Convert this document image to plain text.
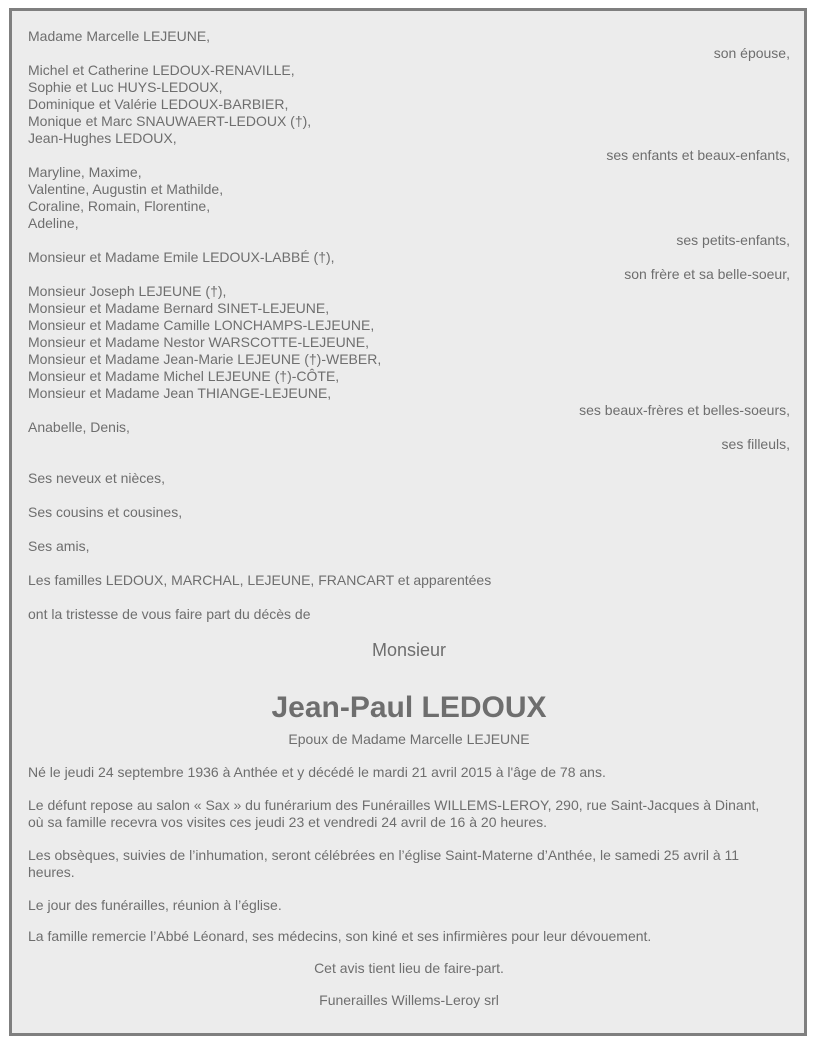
Madame Marcelle LEJEUNE,
son épouse,
Michel et Catherine LEDOUX-RENAVILLE,
Sophie et Luc HUYS-LEDOUX,
Dominique et Valérie LEDOUX-BARBIER,
Monique et Marc SNAUWAERT-LEDOUX (†),
Jean-Hughes LEDOUX,
ses enfants et beaux-enfants,
Maryline, Maxime,
Valentine, Augustin et Mathilde,
Coraline, Romain, Florentine,
Adeline,
ses petits-enfants,
Monsieur et Madame Emile LEDOUX-LABBÉ (†),
son frère et sa belle-soeur,
Monsieur Joseph LEJEUNE (†),
Monsieur et Madame Bernard SINET-LEJEUNE,
Monsieur et Madame Camille LONCHAMPS-LEJEUNE,
Monsieur et Madame Nestor WARSCOTTE-LEJEUNE,
Monsieur et Madame Jean-Marie LEJEUNE (†)-WEBER,
Monsieur et Madame Michel LEJEUNE (†)-CÔTE,
Monsieur et Madame Jean THIANGE-LEJEUNE,
ses beaux-frères et belles-soeurs,
Anabelle, Denis,
ses filleuls,
Ses neveux et nièces,
Ses cousins et cousines,
Ses amis,
Les familles LEDOUX, MARCHAL, LEJEUNE, FRANCART et apparentées
ont la tristesse de vous faire part du décès de
Monsieur
Jean-Paul LEDOUX
Epoux de Madame Marcelle LEJEUNE
Né le jeudi 24 septembre 1936 à Anthée et y décédé le mardi 21 avril 2015 à l'âge de 78 ans.
Le défunt repose au salon « Sax » du funérarium des Funérailles WILLEMS-LEROY, 290, rue Saint-Jacques à Dinant,
où sa famille recevra vos visites ces jeudi 23 et vendredi 24 avril de 16 à 20 heures.
Les obsèques, suivies de l’inhumation, seront célébrées en l’église Saint-Materne d’Anthée, le samedi 25 avril à 11
heures.
Le jour des funérailles, réunion à l’église.
La famille remercie l’Abbé Léonard, ses médecins, son kiné et ses infirmières pour leur dévouement.
Cet avis tient lieu de faire-part.
Funerailles Willems-Leroy srl
